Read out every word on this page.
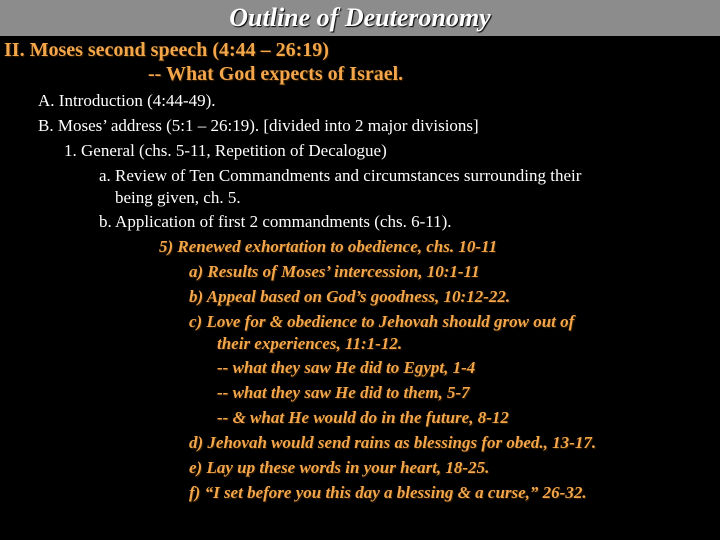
Outline of Deuteronomy
II. Moses second speech (4:44 – 26:19)
-- What God expects of Israel.
A. Introduction (4:44-49).
B. Moses’ address (5:1 – 26:19). [divided into 2 major divisions]
1. General (chs. 5-11, Repetition of Decalogue)
a. Review of Ten Commandments and circumstances surrounding their
being given, ch. 5.
b. Application of first 2 commandments (chs. 6-11).
5) Renewed exhortation to obedience, chs. 10-11
a) Results of Moses’ intercession, 10:1-11
b) Appeal based on God’s goodness, 10:12-22.
c) Love for & obedience to Jehovah should grow out of
their experiences, 11:1-12.
-- what they saw He did to Egypt, 1-4
-- what they saw He did to them, 5-7
-- & what He would do in the future, 8-12
d) Jehovah would send rains as blessings for obed., 13-17.
e) Lay up these words in your heart, 18-25.
f) “I set before you this day a blessing & a curse,” 26-32.
